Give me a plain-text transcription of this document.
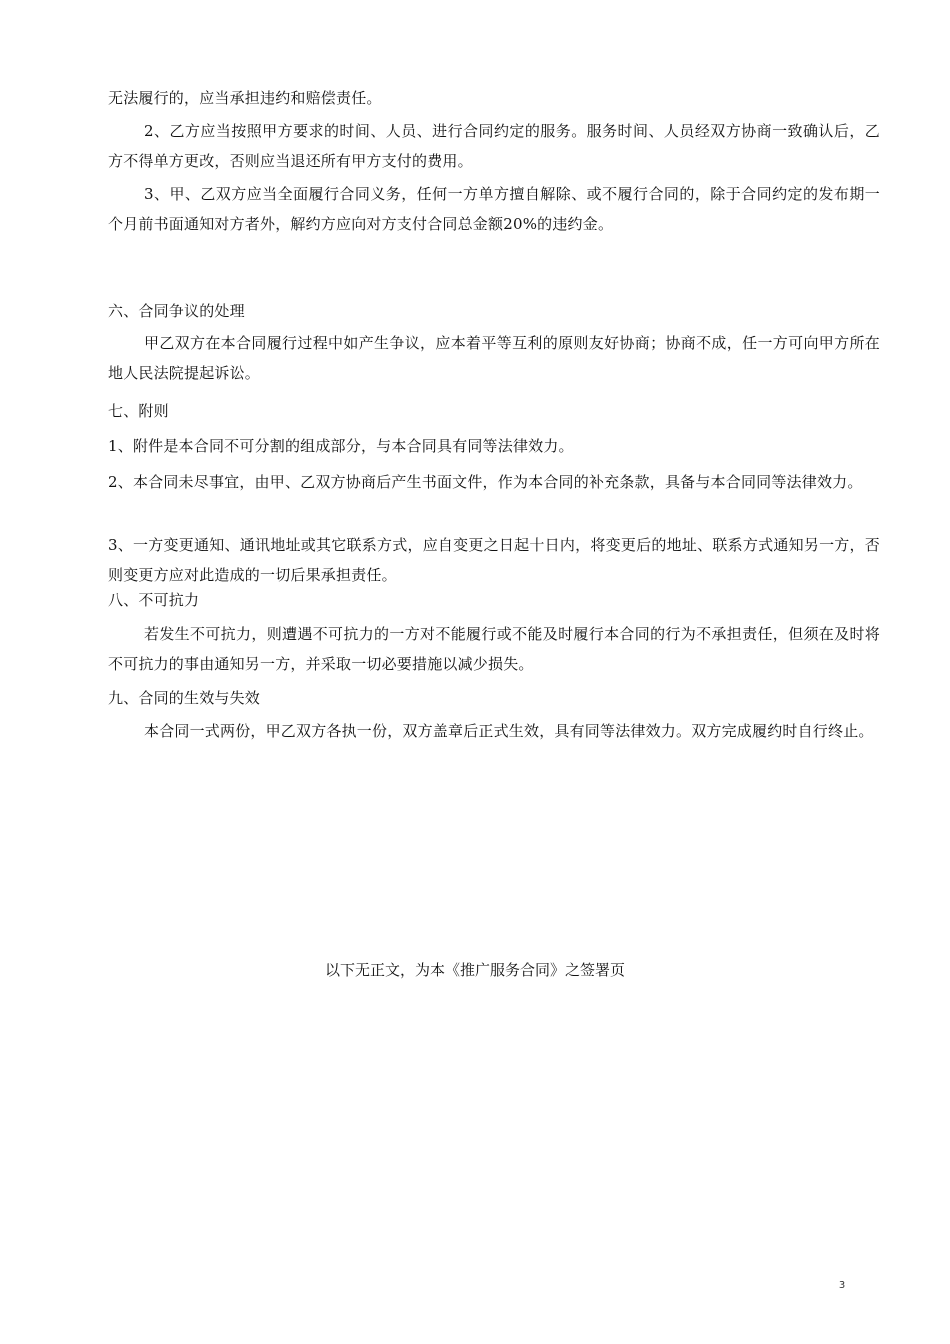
无法履行的，应当承担违约和赔偿责任。

2、乙方应当按照甲方要求的时间、人员、进行合同约定的服务。服务时间、人员经双方协商一致确认后，乙方不得单方更改，否则应当退还所有甲方支付的费用。

3、甲、乙双方应当全面履行合同义务，任何一方单方擅自解除、或不履行合同的，除于合同约定的发布期一个月前书面通知对方者外，解约方应向对方支付合同总金额20%的违约金。

六、合同争议的处理

甲乙双方在本合同履行过程中如产生争议，应本着平等互利的原则友好协商；协商不成，任一方可向甲方所在地人民法院提起诉讼。

七、附则

1、附件是本合同不可分割的组成部分，与本合同具有同等法律效力。

2、本合同未尽事宜，由甲、乙双方协商后产生书面文件，作为本合同的补充条款，具备与本合同同等法律效力。

3、一方变更通知、通讯地址或其它联系方式，应自变更之日起十日内，将变更后的地址、联系方式通知另一方，否则变更方应对此造成的一切后果承担责任。

八、不可抗力

若发生不可抗力，则遭遇不可抗力的一方对不能履行或不能及时履行本合同的行为不承担责任，但须在及时将不可抗力的事由通知另一方，并采取一切必要措施以减少损失。

九、合同的生效与失效

本合同一式两份，甲乙双方各执一份，双方盖章后正式生效，具有同等法律效力。双方完成履约时自行终止。

以下无正文，为本《推广服务合同》之签署页

3
